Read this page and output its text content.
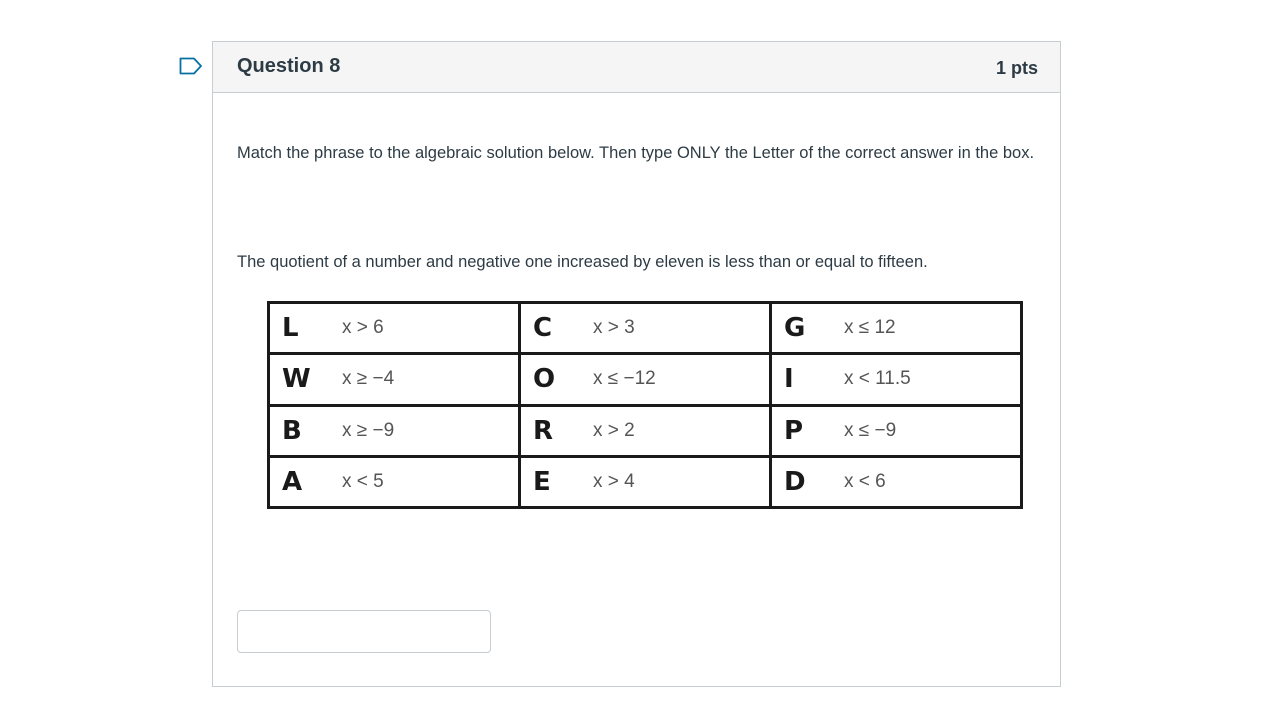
Question 8	1 pts
Match the phrase to the algebraic solution below. Then type ONLY the Letter of the correct answer in the box.
The quotient of a number and negative one increased by eleven is less than or equal to fifteen.
L x > 6	C x > 3	G x ≤ 12

W x ≥ −4	O x ≤ −12	I x < 11.5

B x ≥ −9	R x > 2	P x ≤ −9

A x < 5	E x > 4	D x < 6
